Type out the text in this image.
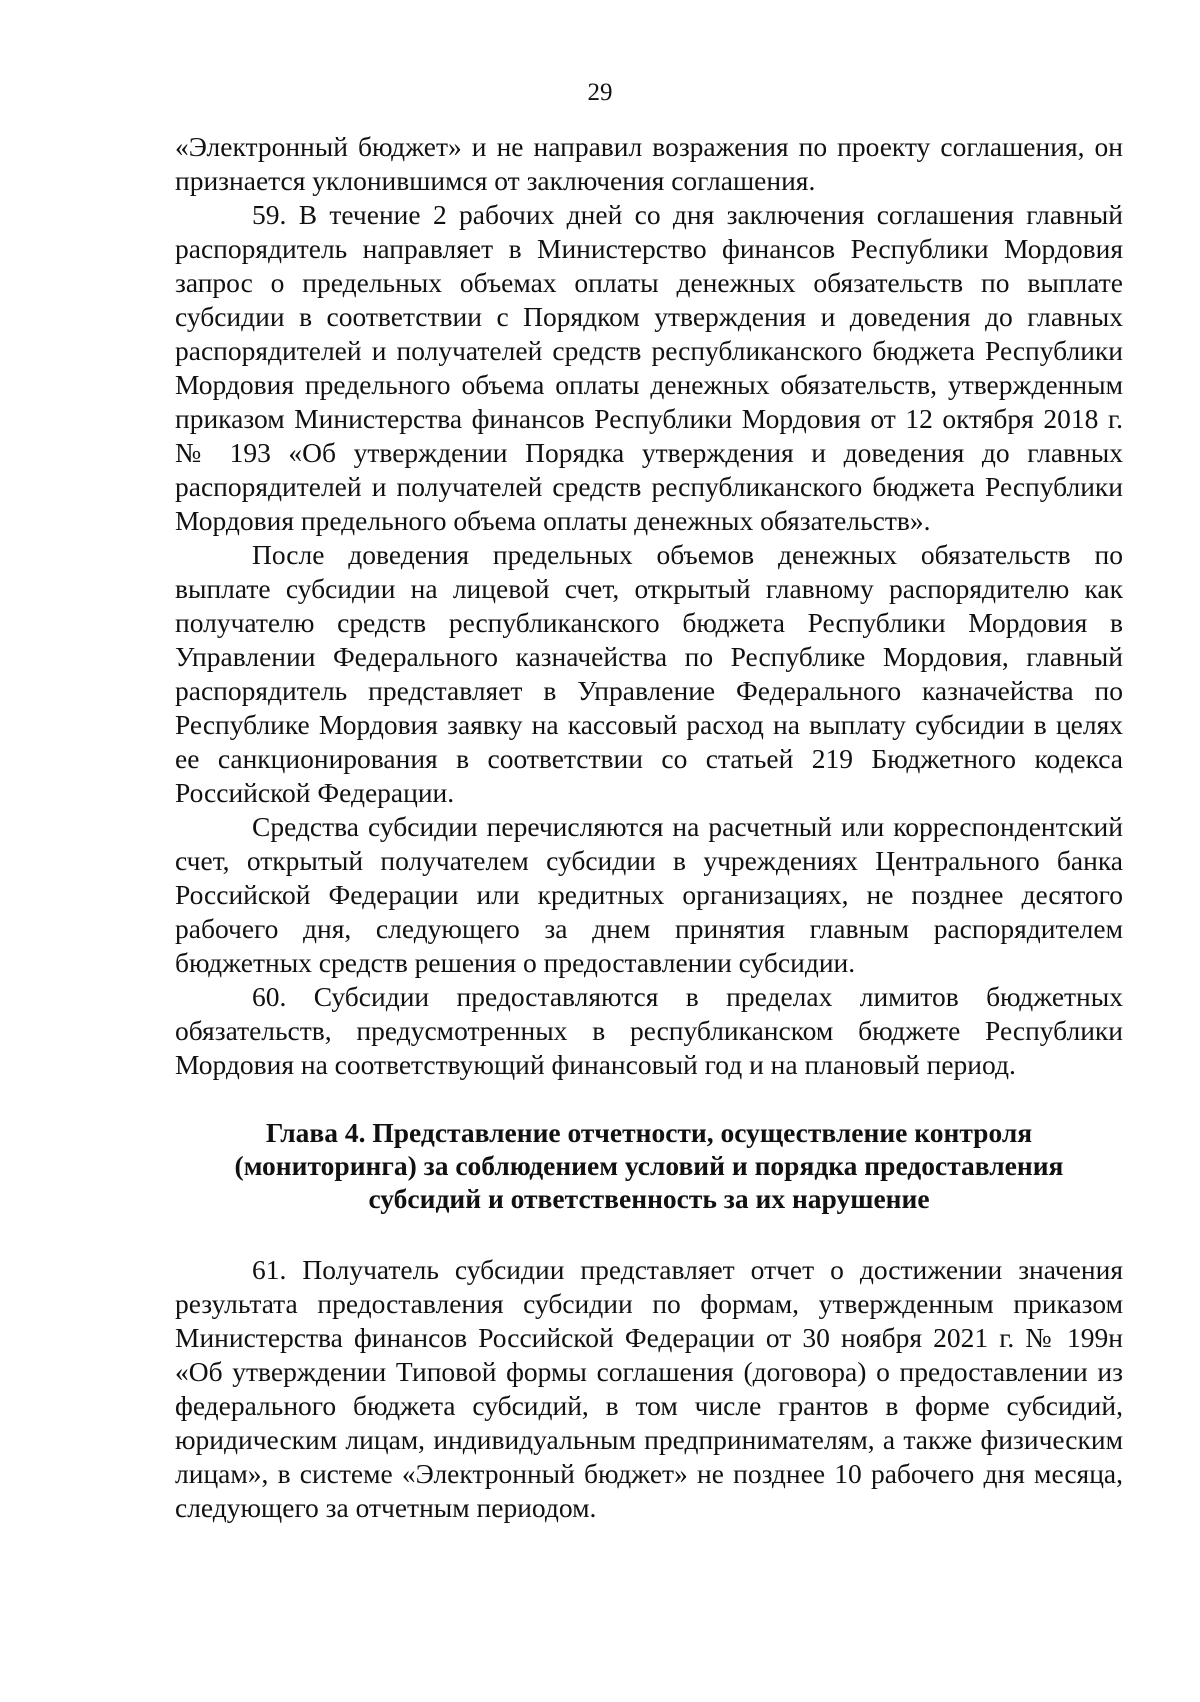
29

«Электронный бюджет» и не направил возражения по проекту соглашения, он признается уклонившимся от заключения соглашения.

59. В течение 2 рабочих дней со дня заключения соглашения главный распорядитель направляет в Министерство финансов Республики Мордовия запрос о предельных объемах оплаты денежных обязательств по выплате субсидии в соответствии с Порядком утверждения и доведения до главных распорядителей и получателей средств республиканского бюджета Республики Мордовия предельного объема оплаты денежных обязательств, утвержденным приказом Министерства финансов Республики Мордовия от 12 октября 2018 г. № 193 «Об утверждении Порядка утверждения и доведения до главных распорядителей и получателей средств республиканского бюджета Республики Мордовия предельного объема оплаты денежных обязательств».

После доведения предельных объемов денежных обязательств по выплате субсидии на лицевой счет, открытый главному распорядителю как получателю средств республиканского бюджета Республики Мордовия в Управлении Федерального казначейства по Республике Мордовия, главный распорядитель представляет в Управление Федерального казначейства по Республике Мордовия заявку на кассовый расход на выплату субсидии в целях ее санкционирования в соответствии со статьей 219 Бюджетного кодекса Российской Федерации.

Средства субсидии перечисляются на расчетный или корреспондентский счет, открытый получателем субсидии в учреждениях Центрального банка Российской Федерации или кредитных организациях, не позднее десятого рабочего дня, следующего за днем принятия главным распорядителем бюджетных средств решения о предоставлении субсидии.

60. Субсидии предоставляются в пределах лимитов бюджетных обязательств, предусмотренных в республиканском бюджете Республики Мордовия на соответствующий финансовый год и на плановый период.

Глава 4. Представление отчетности, осуществление контроля
(мониторинга) за соблюдением условий и порядка предоставления
субсидий и ответственность за их нарушение

61. Получатель субсидии представляет отчет о достижении значения результата предоставления субсидии по формам, утвержденным приказом Министерства финансов Российской Федерации от 30 ноября 2021 г. № 199н «Об утверждении Типовой формы соглашения (договора) о предоставлении из федерального бюджета субсидий, в том числе грантов в форме субсидий, юридическим лицам, индивидуальным предпринимателям, а также физическим лицам», в системе «Электронный бюджет» не позднее 10 рабочего дня месяца, следующего за отчетным периодом.
